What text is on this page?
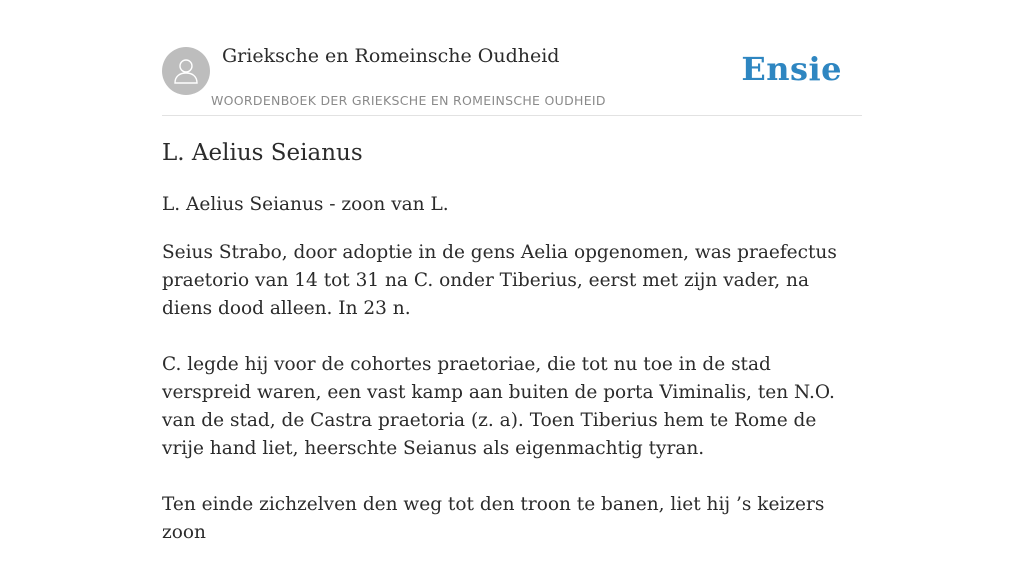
Grieksche en Romeinsche Oudheid
WOORDENBOEK DER GRIEKSCHE EN ROMEINSCHE OUDHEID
Ensie
L. Aelius Seianus

L. Aelius Seianus - zoon van L.

Seius Strabo, door adoptie in de gens Aelia opgenomen, was praefectus praetorio van 14 tot 31 na C. onder Tiberius, eerst met zijn vader, na diens dood alleen. In 23 n.

C. legde hij voor de cohortes praetoriae, die tot nu toe in de stad verspreid waren, een vast kamp aan buiten de porta Viminalis, ten N.O. van de stad, de Castra praetoria (z. a). Toen Tiberius hem te Rome de vrije hand liet, heerschte Seianus als eigenmachtig tyran.

Ten einde zichzelven den weg tot den troon te banen, liet hij ’s keizers zoon
